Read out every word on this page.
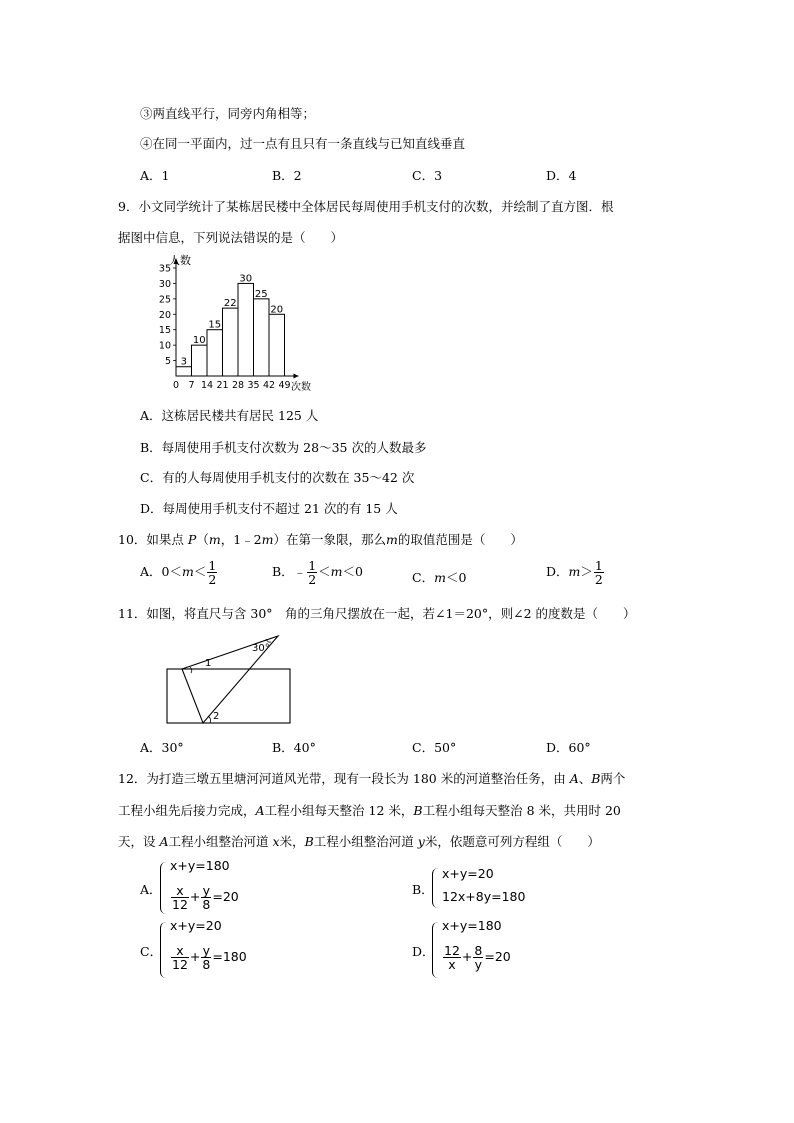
③两直线平行，同旁内角相等；
④在同一平面内，过一点有且只有一条直线与已知直线垂直
A．1	B．2	C．3	D．4
9．小文同学统计了某栋居民楼中全体居民每周使用手机支付的次数，并绘制了直方图．根
据图中信息，下列说法错误的是（　　）
3
10
15
22
30
25
20
0 7 14 21 28 35 42 49
5
10
15
20
25
30
35
人数
次数
A．这栋居民楼共有居民 125 人
B．每周使用手机支付次数为 28～35 次的人数最多
C．有的人每周使用手机支付的次数在 35～42 次
D．每周使用手机支付不超过 21 次的有 15 人
10．如果点 P（m，1﹣2m）在第一象限，那么m的取值范围是（　　）
A．$0<m< \frac{1}{2}$	B．﹣ $\frac{1}{2} <m<0$	C．m＜0	D．$m> \frac{1}{2}$
11．如图，将直尺与含 30°　角的三角尺摆放在一起，若∠1＝20°，则∠2 的度数是（　　）
30°
1
2
A．30°	B．40°	C．50°	D．60°
12．为打造三墩五里塘河河道风光带，现有一段长为 180 米的河道整治任务，由 A、B两个
工程小组先后接力完成，A工程小组每天整治 12 米，B工程小组每天整治 8 米，共用时 20
天，设 A工程小组整治河道 x米，B工程小组整治河道 y米，依题意可列方程组（　　）
A．
x+y=180
$\frac{x}{12} + \frac{y}{8} =20$	B．
x+y=20
12x+8y=180
C．
x+y=20
$\frac{x}{12} + \frac{y}{8} =180$	D．
x+y=180
$\frac{12}{x} + \frac{8}{y} =20$
